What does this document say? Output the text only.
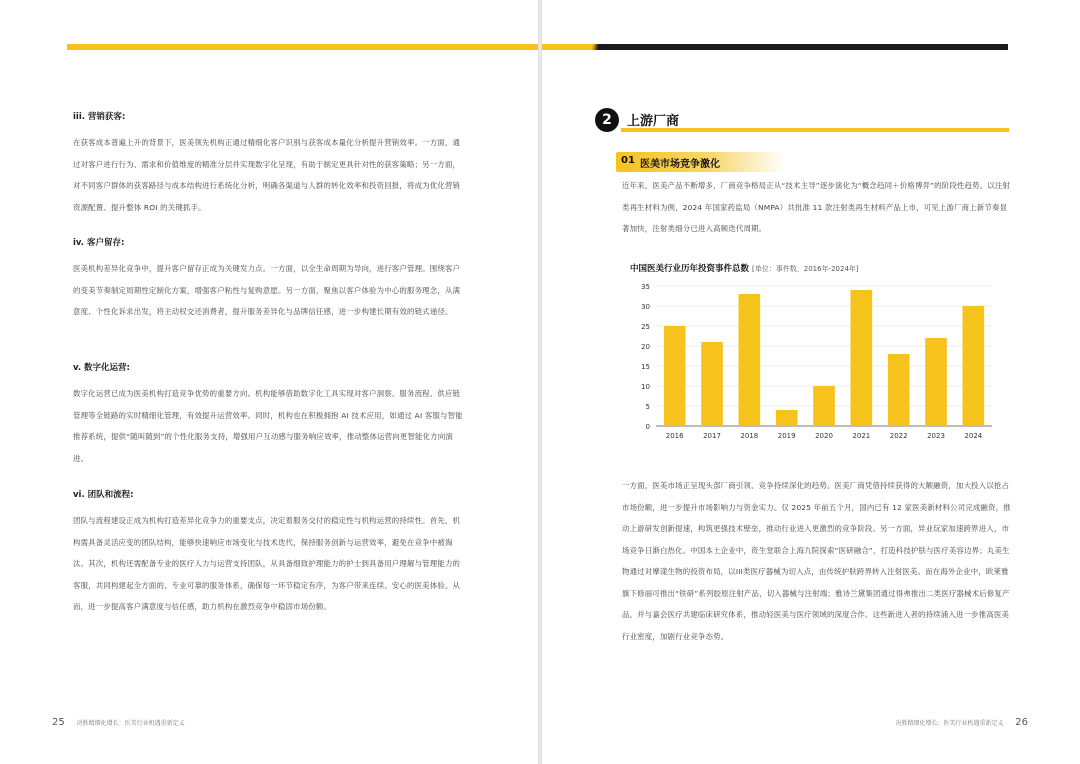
iii. 营销获客:

在获客成本普遍上升的背景下，医美领先机构正通过精细化客户识别与获客成本量化分析提升营销效率。一方面，通过对客户进行行为、需求和价值维度的精准分层并实现数字化呈现，有助于制定更具针对性的获客策略；另一方面，对不同客户群体的获客路径与成本结构进行系统化分析，明确各渠道与人群的转化效率和投资回报，将成为优化营销资源配置、提升整体 ROI 的关键抓手。

iv. 客户留存:

医美机构差异化竞争中，提升客户留存正成为关键发力点。一方面，以全生命周期为导向，进行客户管理。围绕客户的变美节奏制定周期性定制化方案，增强客户粘性与复购意愿。另一方面，聚焦以客户体验为中心的服务理念，从满意度、个性化诉求出发，将主动权交还消费者，提升服务差异化与品牌信任感，进一步构建长期有效的链式递径。

v. 数字化运营:

数字化运营已成为医美机构打造竞争优势的重要方向。机构能够借助数字化工具实现对客户洞察、服务流程、供应链管理等全链路的实时精细化管理，有效提升运营效率。同时，机构也在积极拥抱 AI 技术应用，如通过 AI 客服与智能推荐系统，提供“随叫随到”的个性化服务支持，增强用户互动感与服务响应效率，推动整体运营向更智能化方向演进。

vi. 团队和流程:

团队与流程建设正成为机构打造差异化竞争力的重要支点，决定着服务交付的稳定性与机构运营的持续性。首先，机构需具备灵活应变的团队结构，能够快速响应市场变化与技术迭代，保持服务创新与运营效率，避免在竞争中被淘汰。其次，机构还需配备专业的医疗人力与运营支持团队，从具备细致护理能力的护士到具备用户理解与管理能力的客服，共同构建起全方面的、专业可靠的服务体系，确保每一环节稳定有序，为客户带来连续、安心的医美体验。从而，进一步提高客户满意度与信任感，助力机构在激烈竞争中稳固市场份额。

25 决胜精细化增长：医美行业机遇重新定义
2	上游厂商
01 医美市场竞争激化

近年来，医美产品不断增多，厂商竞争格局正从“技术主导”逐步演化为“概念趋同＋价格博弈”的阶段性趋势。以注射类再生材料为例，2024 年国家药监局（NMPA）共批准 11 款注射类再生材料产品上市，可见上游厂商上新节奏显著加快，注射类细分已进入高频迭代周期。

中国医美行业历年投资事件总数 [单位：事件数，2016年-2024年]
0
5
10
15
20
25
30
35
2016	2017	2018	2019	2020	2021	2022	2023	2024

一方面，医美市场正呈现头部厂商引领、竞争持续深化的趋势。医美厂商凭借持续获得的大额融资，加大投入以抢占市场份额，进一步提升市场影响力与资金实力。仅 2025 年前五个月，国内已有 12 家医美新材料公司完成融资，推动上游研发创新提速，构筑更强技术壁垒，推动行业进入更激烈的竞争阶段。另一方面，异业玩家加速跨界进入，市场竞争日渐白热化。中国本土企业中，资生堂联合上海九院探索“医研融合”，打造科技护肤与医疗美容边界；丸美生物通过对摩漾生物的投资布局，以III类医疗器械为切入点，由传统护肤跨界转入注射医美。而在海外企业中，欧莱雅旗下修丽可推出“铁研”系列胶原注射产品，切入器械与注射端；雅诗兰黛集团通过得弗推出二类医疗器械术后修复产品，并与嘉会医疗共建临床研究体系，推动轻医美与医疗领域的深度合作。这些新进入者的持续涌入进一步推高医美行业密度，加剧行业竞争态势。

决胜精细化增长：医美行业机遇重新定义 26
